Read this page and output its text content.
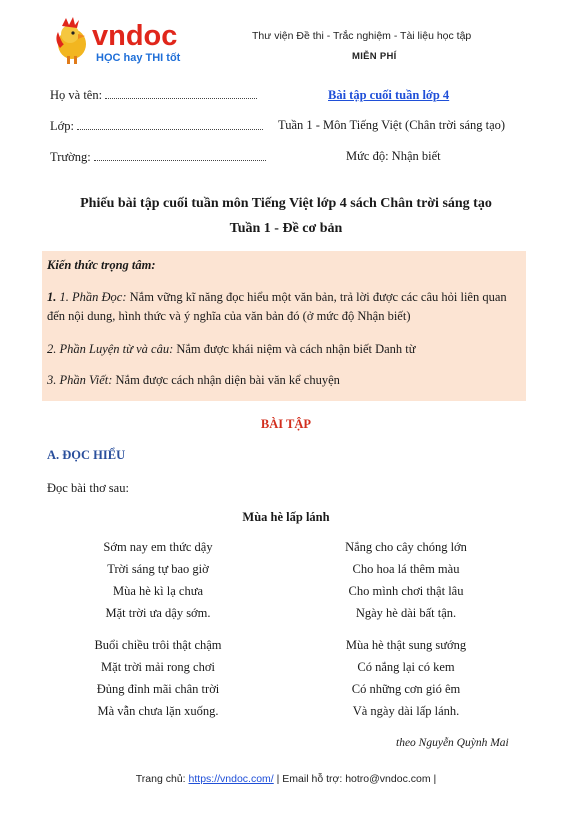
vndoc
HỌC hay THI tốt
Thư viện Đề thi - Trắc nghiệm - Tài liệu học tập
MIỄN PHÍ
Họ và tên:	Bài tập cuối tuần lớp 4
Lớp:	Tuần 1 - Môn Tiếng Việt (Chân trời sáng tạo)
Trường:	Mức độ: Nhận biết
Phiếu bài tập cuối tuần môn Tiếng Việt lớp 4 sách Chân trời sáng tạo
Tuần 1 - Đề cơ bản
Kiến thức trọng tâm:
1. 1. Phần Đọc: Nắm vững kĩ năng đọc hiểu một văn bản, trả lời được các câu hỏi liên quan
đến nội dung, hình thức và ý nghĩa của văn bản đó (ở mức độ Nhận biết)
2. Phần Luyện từ và câu: Nắm được khái niệm và cách nhận biết Danh từ
3. Phần Viết: Nắm được cách nhận diện bài văn kể chuyện
BÀI TẬP
A. ĐỌC HIỂU
Đọc bài thơ sau:
Mùa hè lấp lánh
Sớm nay em thức dậy
Trời sáng tự bao giờ
Mùa hè kì lạ chưa
Mặt trời ưa dậy sớm.
Buổi chiều trôi thật chậm
Mặt trời mải rong chơi
Đủng đỉnh mãi chân trời
Mà vẫn chưa lặn xuống.
Nắng cho cây chóng lớn
Cho hoa lá thêm màu
Cho mình chơi thật lâu
Ngày hè dài bất tận.
Mùa hè thật sung sướng
Có nắng lại có kem
Có những cơn gió êm
Và ngày dài lấp lánh.
theo Nguyễn Quỳnh Mai
Trang chủ: https://vndoc.com/ | Email hỗ trợ: hotro@vndoc.com |
